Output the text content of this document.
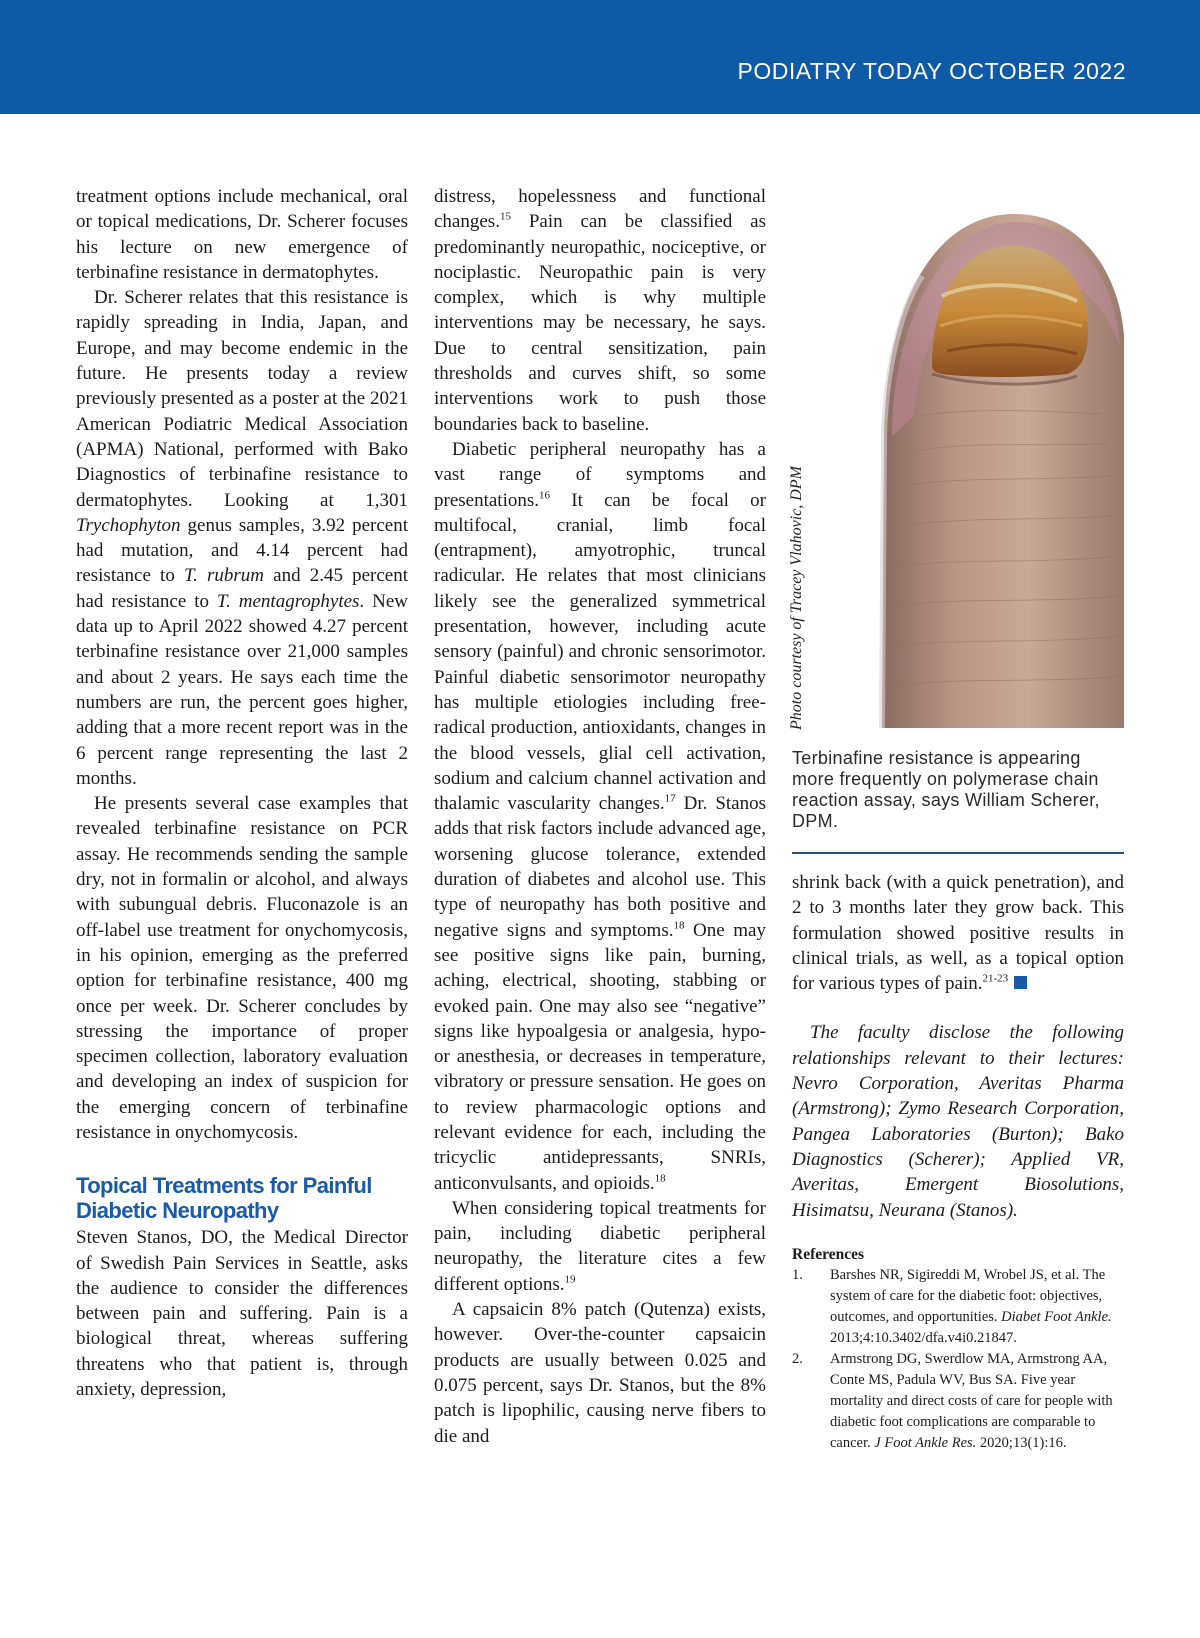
PODIATRY TODAY OCTOBER 2022

treatment options include mechanical, oral or topical medications, Dr. Scherer focuses his lecture on new emergence of terbinafine resistance in dermatophytes.

Dr. Scherer relates that this resistance is rapidly spreading in India, Japan, and Europe, and may become endemic in the future. He presents today a review previously presented as a poster at the 2021 American Podiatric Medical Association (APMA) National, performed with Bako Diagnostics of terbinafine resistance to dermatophytes. Looking at 1,301 Trychophyton genus samples, 3.92 percent had mutation, and 4.14 percent had resistance to T. rubrum and 2.45 percent had resistance to T. mentagrophytes. New data up to April 2022 showed 4.27 percent terbinafine resistance over 21,000 samples and about 2 years. He says each time the numbers are run, the percent goes higher, adding that a more recent report was in the 6 percent range representing the last 2 months.

He presents several case examples that revealed terbinafine resistance on PCR assay. He recommends sending the sample dry, not in formalin or alcohol, and always with subungual debris. Fluconazole is an off-label use treatment for onychomycosis, in his opinion, emerging as the preferred option for terbinafine resistance, 400 mg once per week. Dr. Scherer concludes by stressing the importance of proper specimen collection, laboratory evaluation and developing an index of suspicion for the emerging concern of terbinafine resistance in onychomycosis.

Topical Treatments for Painful Diabetic Neuropathy

Steven Stanos, DO, the Medical Director of Swedish Pain Services in Seattle, asks the audience to consider the differences between pain and suffering. Pain is a biological threat, whereas suffering threatens who that patient is, through anxiety, depression,

distress, hopelessness and functional changes.$^{15}$ Pain can be classified as predominantly neuropathic, nociceptive, or nociplastic. Neuropathic pain is very complex, which is why multiple interventions may be necessary, he says. Due to central sensitization, pain thresholds and curves shift, so some interventions work to push those boundaries back to baseline.

Diabetic peripheral neuropathy has a vast range of symptoms and presentations.$^{16}$ It can be focal or multifocal, cranial, limb focal (entrapment), amyotrophic, truncal radicular. He relates that most clinicians likely see the generalized symmetrical presentation, however, including acute sensory (painful) and chronic sensorimotor. Painful diabetic sensorimotor neuropathy has multiple etiologies including free-radical production, antioxidants, changes in the blood vessels, glial cell activation, sodium and calcium channel activation and thalamic vascularity changes.$^{17}$ Dr. Stanos adds that risk factors include advanced age, worsening glucose tolerance, extended duration of diabetes and alcohol use. This type of neuropathy has both positive and negative signs and symptoms.$^{18}$ One may see positive signs like pain, burning, aching, electrical, shooting, stabbing or evoked pain. One may also see “negative” signs like hypoalgesia or analgesia, hypo- or anesthesia, or decreases in temperature, vibratory or pressure sensation. He goes on to review pharmacologic options and relevant evidence for each, including the tricyclic antidepressants, SNRIs, anticonvulsants, and opioids.$^{18}$

When considering topical treatments for pain, including diabetic peripheral neuropathy, the literature cites a few different options.$^{19}$

A capsaicin 8% patch (Qutenza) exists, however. Over-the-counter capsaicin products are usually between 0.025 and 0.075 percent, says Dr. Stanos, but the 8% patch is lipophilic, causing nerve fibers to die and

Photo courtesy of Tracey Vlahovic, DPM
Terbinafine resistance is appearing more frequently on polymerase chain reaction assay, says William Scherer, DPM.

shrink back (with a quick penetration), and 2 to 3 months later they grow back. This formulation showed positive results in clinical trials, as well, as a topical option for various types of pain.$^{21-23}$

The faculty disclose the following relationships relevant to their lectures: Nevro Corporation, Averitas Pharma (Armstrong); Zymo Research Corporation, Pangea Laboratories (Burton); Bako Diagnostics (Scherer); Applied VR, Averitas, Emergent Biosolutions, Hisimatsu, Neurana (Stanos).

References

1.	Barshes NR, Sigireddi M, Wrobel JS, et al. The system of care for the diabetic foot: objectives, outcomes, and opportunities. Diabet Foot Ankle. 2013;4:10.3402/dfa.v4i0.21847.
2.	Armstrong DG, Swerdlow MA, Armstrong AA, Conte MS, Padula WV, Bus SA. Five year mortality and direct costs of care for people with diabetic foot complications are comparable to cancer. J Foot Ankle Res. 2020;13(1):16.
